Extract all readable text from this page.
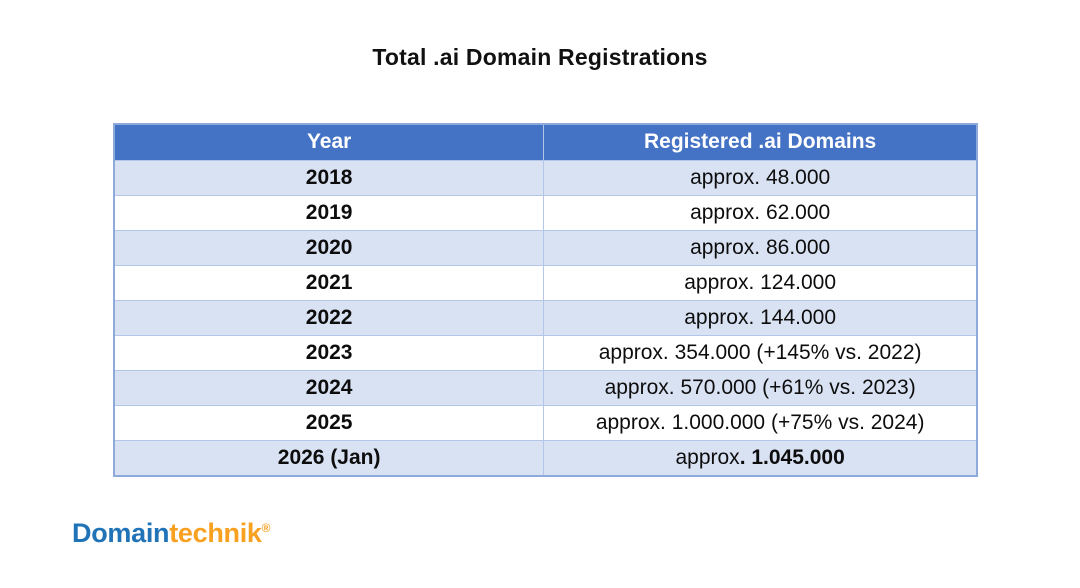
Total .ai Domain Registrations
Year	Registered .ai Domains
2018	approx. 48.000
2019	approx. 62.000
2020	approx. 86.000
2021	approx. 124.000
2022	approx. 144.000
2023	approx. 354.000 (+145% vs. 2022)
2024	approx. 570.000 (+61% vs. 2023)
2025	approx. 1.000.000 (+75% vs. 2024)
2026 (Jan)	approx. 1.045.000
Domaintechnik®
